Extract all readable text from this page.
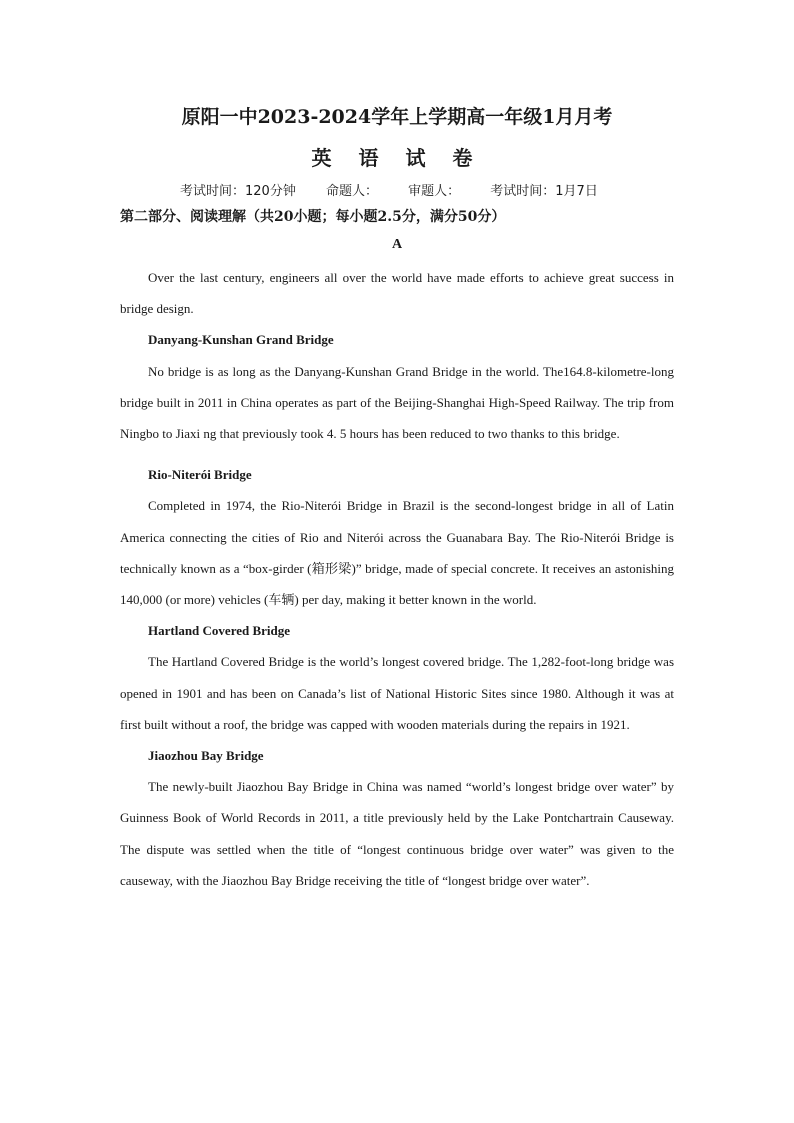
原阳一中2023-2024学年上学期高一年级1月月考
英 语 试 卷
考试时间：120分钟 命题人： 审题人： 考试时间：1月7日
第二部分、阅读理解（共20小题；每小题2.5分，满分50分）
A

Over the last century, engineers all over the world have made efforts to achieve great success in bridge design.

Danyang-Kunshan Grand Bridge

No bridge is as long as the Danyang-Kunshan Grand Bridge in the world. The164.8-kilometre-long bridge built in 2011 in China operates as part of the Beijing-Shanghai High-Speed Railway. The trip from Ningbo to Jiaxi ng that previously took 4. 5 hours has been reduced to two thanks to this bridge.

Rio-Niterói Bridge

Completed in 1974, the Rio-Niterói Bridge in Brazil is the second-longest bridge in all of Latin America connecting the cities of Rio and Niterói across the Guanabara Bay. The Rio-Niterói Bridge is technically known as a “box-girder (箱形梁)” bridge, made of special concrete. It receives an astonishing 140,000 (or more) vehicles (车辆) per day, making it better known in the world.

Hartland Covered Bridge

The Hartland Covered Bridge is the world’s longest covered bridge. The 1,282-foot-long bridge was opened in 1901 and has been on Canada’s list of National Historic Sites since 1980. Although it was at first built without a roof, the bridge was capped with wooden materials during the repairs in 1921.

Jiaozhou Bay Bridge

The newly-built Jiaozhou Bay Bridge in China was named “world’s longest bridge over water” by Guinness Book of World Records in 2011, a title previously held by the Lake Pontchartrain Causeway. The dispute was settled when the title of “longest continuous bridge over water” was given to the causeway, with the Jiaozhou Bay Bridge receiving the title of “longest bridge over water”.
